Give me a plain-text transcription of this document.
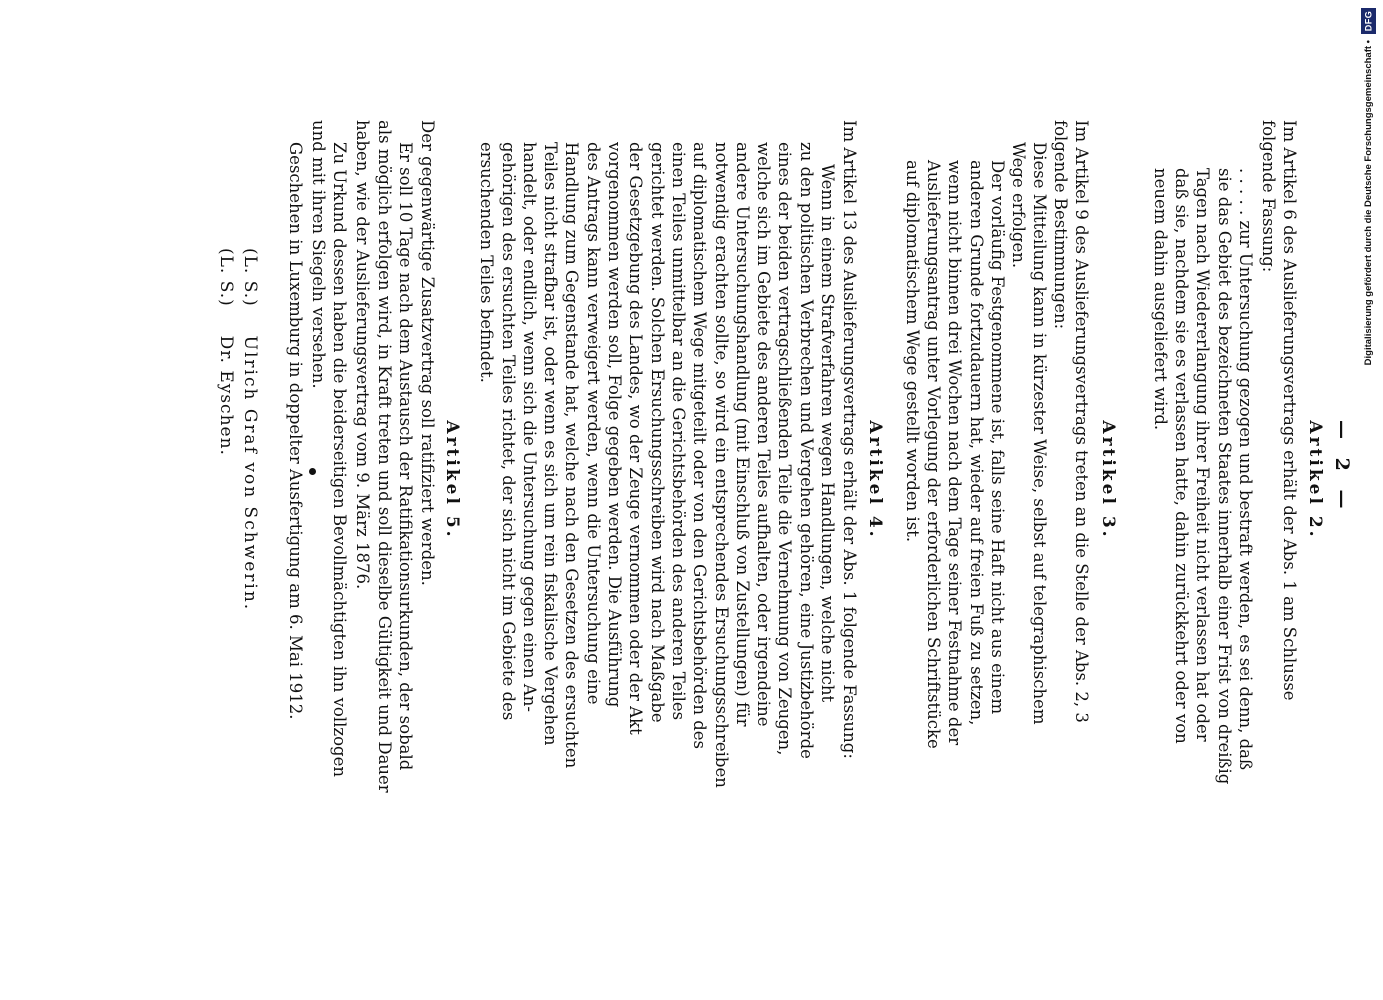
DFG
Digitalisierung gefördert durch die Deutsche Forschungsgemeinschaft •
— 2 —
Artikel 2.
Im Artikel 6 des Auslieferungsvertrags erhält der Abs. 1 am Schlusse
folgende Fassung:
. . . . . zur Untersuchung gezogen und bestraft werden, es sei denn, daß
sie das Gebiet des bezeichneten Staates innerhalb einer Frist von dreißig
Tagen nach Wiedererlangung ihrer Freiheit nicht verlassen hat oder
daß sie, nachdem sie es verlassen hatte, dahin zurückkehrt oder von
neuem dahin ausgeliefert wird.
Artikel 3.
Im Artikel 9 des Auslieferungsvertrags treten an die Stelle der Abs. 2, 3
folgende Bestimmungen:
Diese Mitteilung kann in kürzester Weise, selbst auf telegraphischem
Wege erfolgen.
Der vorläufig Festgenommene ist, falls seine Haft nicht aus einem
anderen Grunde fortzudauern hat, wieder auf freien Fuß zu setzen,
wenn nicht binnen drei Wochen nach dem Tage seiner Festnahme der
Auslieferungsantrag unter Vorlegung der erforderlichen Schriftstücke
auf diplomatischem Wege gestellt worden ist.
Artikel 4.
Im Artikel 13 des Auslieferungsvertrags erhält der Abs. 1 folgende Fassung:
Wenn in einem Strafverfahren wegen Handlungen, welche nicht
zu den politischen Verbrechen und Vergehen gehören, eine Justizbehörde
eines der beiden vertragschließenden Teile die Vernehmung von Zeugen,
welche sich im Gebiete des anderen Teiles aufhalten, oder irgendeine
andere Untersuchungshandlung (mit Einschluß von Zustellungen) für
notwendig erachten sollte, so wird ein entsprechendes Ersuchungsschreiben
auf diplomatischem Wege mitgeteilt oder von den Gerichtsbehörden des
einen Teiles unmittelbar an die Gerichtsbehörden des anderen Teiles
gerichtet werden. Solchen Ersuchungsschreiben wird nach Maßgabe
der Gesetzgebung des Landes, wo der Zeuge vernommen oder der Akt
vorgenommen werden soll, Folge gegeben werden. Die Ausführung
des Antrags kann verweigert werden, wenn die Untersuchung eine
Handlung zum Gegenstande hat, welche nach den Gesetzen des ersuchten
Teiles nicht strafbar ist, oder wenn es sich um rein fiskalische Vergehen
handelt, oder endlich, wenn sich die Untersuchung gegen einen An-
gehörigen des ersuchten Teiles richtet, der sich nicht im Gebiete des
ersuchenden Teiles befindet.
Artikel 5.
Der gegenwärtige Zusatzvertrag soll ratifiziert werden.
Er soll 10 Tage nach dem Austausch der Ratifikationsurkunden, der sobald
als möglich erfolgen wird, in Kraft treten und soll dieselbe Gültigkeit und Dauer
haben, wie der Auslieferungsvertrag vom 9. März 1876.
Zu Urkund dessen haben die beiderseitigen Bevollmächtigten ihn vollzogen
und mit ihren Siegeln versehen.
Geschehen in Luxemburg in doppelter Ausfertigung am 6. Mai 1912.
(L. S.)  Ulrich Graf von Schwerin.
(L. S.)  Dr. Eyschen.
